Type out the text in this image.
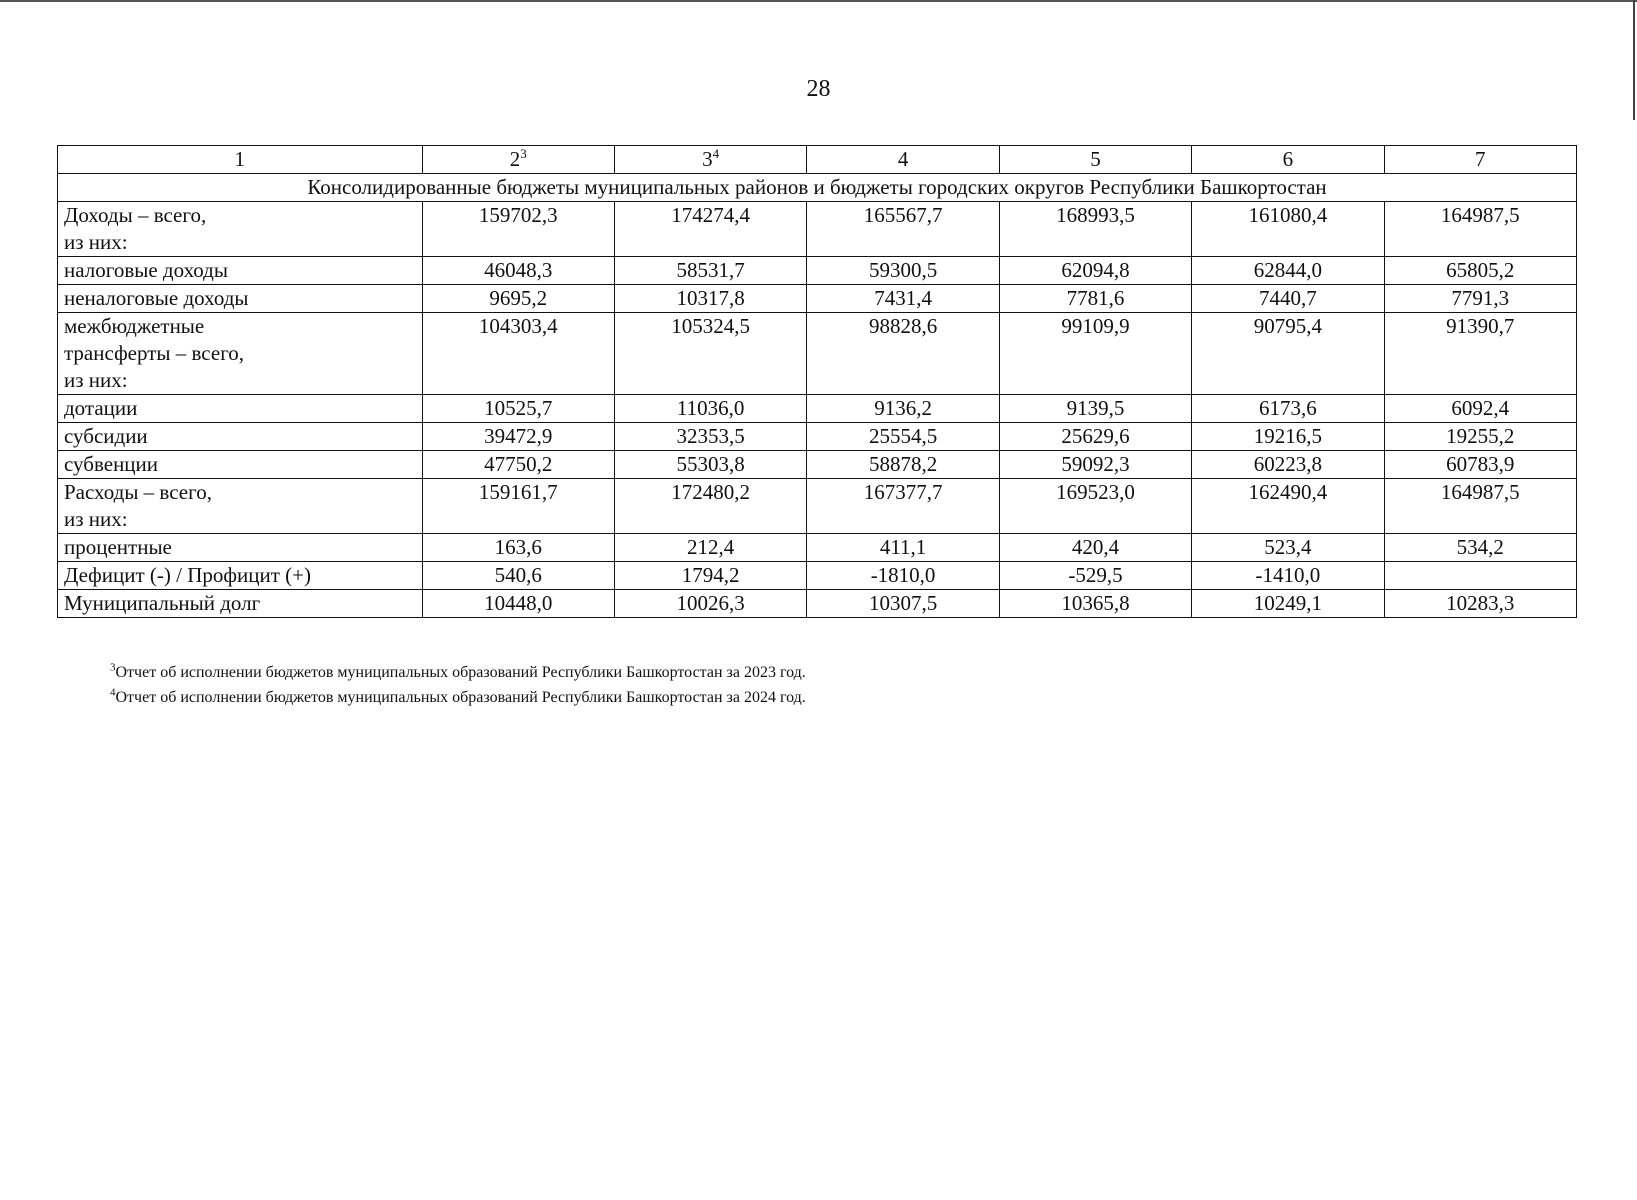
28
1	$2^3$	$3^4$	4	5	6	7
Консолидированные бюджеты муниципальных районов и бюджеты городских округов Республики Башкортостан						

Доходы – всего,
из них:	159702,3	174274,4	165567,7	168993,5	161080,4	164987,5

налоговые доходы	46048,3	58531,7	59300,5	62094,8	62844,0	65805,2

неналоговые доходы	9695,2	10317,8	7431,4	7781,6	7440,7	7791,3

межбюджетные
трансферты – всего,
из них:	104303,4	105324,5	98828,6	99109,9	90795,4	91390,7

дотации	10525,7	11036,0	9136,2	9139,5	6173,6	6092,4

субсидии	39472,9	32353,5	25554,5	25629,6	19216,5	19255,2

субвенции	47750,2	55303,8	58878,2	59092,3	60223,8	60783,9

Расходы – всего,
из них:	159161,7	172480,2	167377,7	169523,0	162490,4	164987,5

процентные	163,6	212,4	411,1	420,4	523,4	534,2

Дефицит (-) / Профицит (+)	540,6	1794,2	-1810,0	-529,5	-1410,0	

Муниципальный долг	10448,0	10026,3	10307,5	10365,8	10249,1	10283,3
$^3$Отчет об исполнении бюджетов муниципальных образований Республики Башкортостан за 2023 год.
$^4$Отчет об исполнении бюджетов муниципальных образований Республики Башкортостан за 2024 год.
